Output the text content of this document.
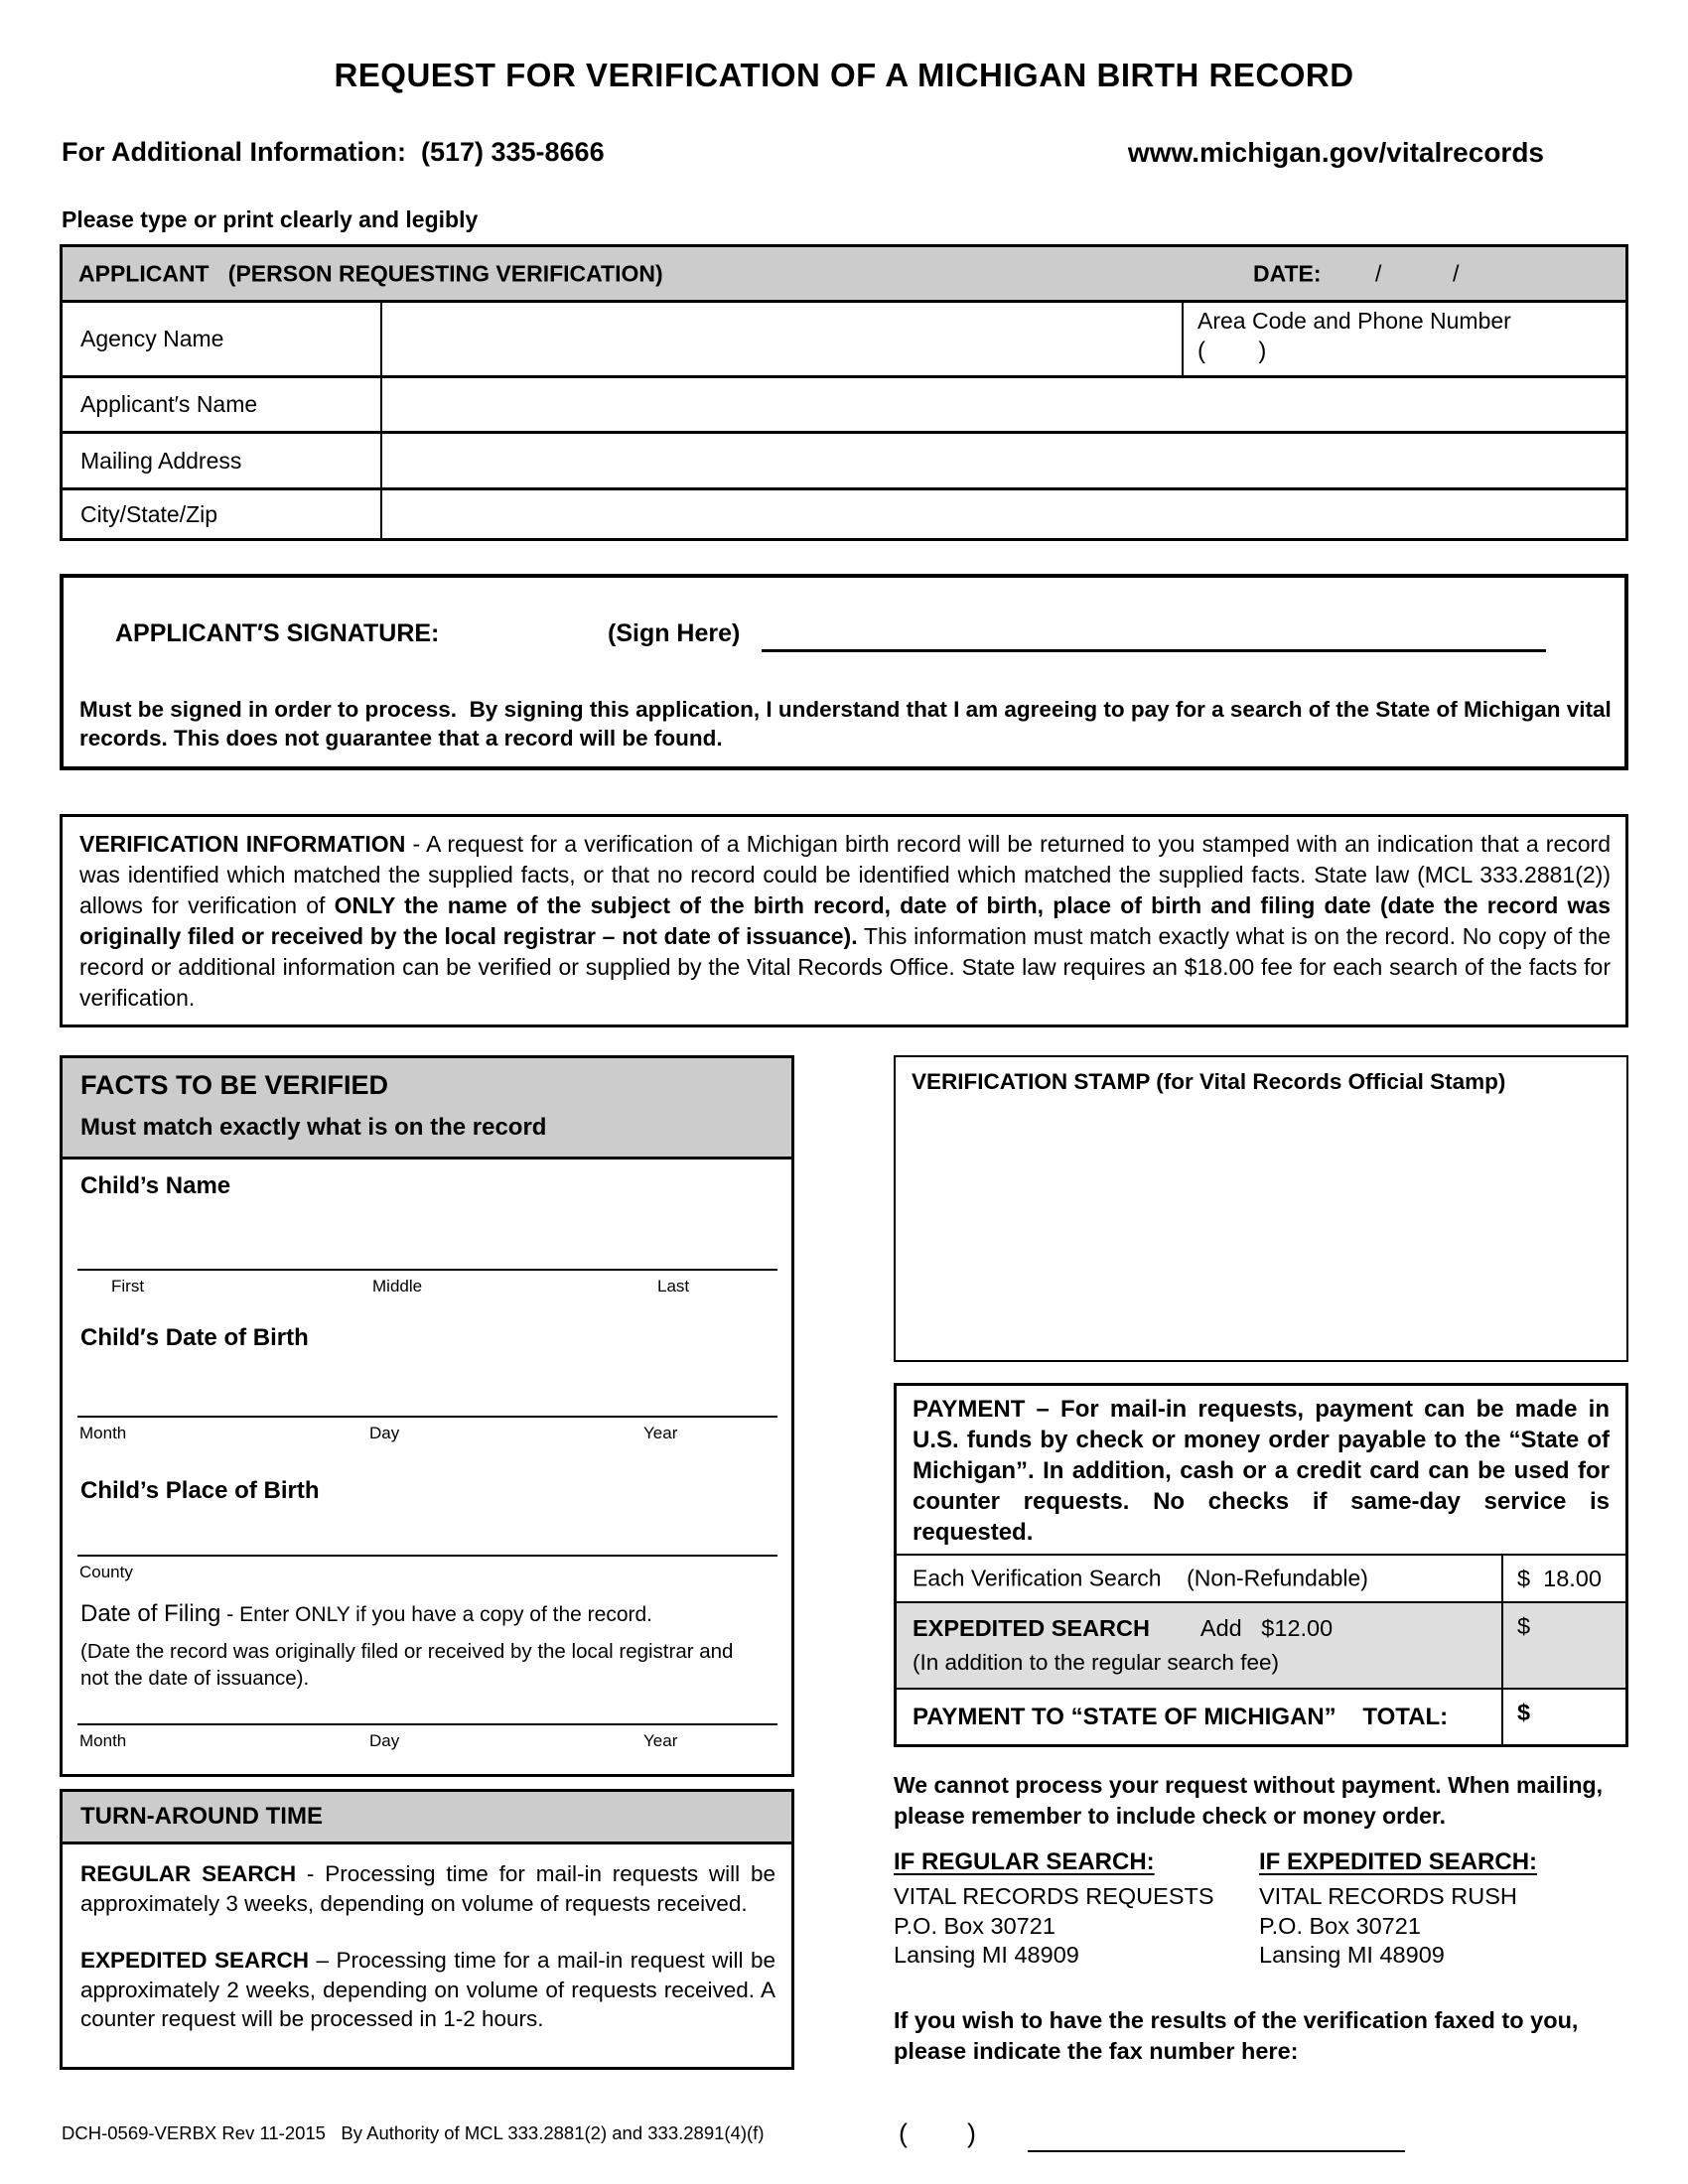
REQUEST FOR VERIFICATION OF A MICHIGAN BIRTH RECORD
For Additional Information:  (517) 335-8666	www.michigan.gov/vitalrecords
Please type or print clearly and legibly
APPLICANT   (PERSON REQUESTING VERIFICATION)	DATE: /	/
Agency Name
Area Code and Phone Number
(        )
Applicant′s Name
Mailing Address
City/State/Zip
APPLICANT′S SIGNATURE:	(Sign Here)
Must be signed in order to process.  By signing this application, I understand that I am agreeing to pay for a search of the State of Michigan vital records. This does not guarantee that a record will be found.

VERIFICATION INFORMATION - A request for a verification of a Michigan birth record will be returned to you stamped with an indication that a record was identified which matched the supplied facts, or that no record could be identified which matched the supplied facts. State law (MCL 333.2881(2)) allows for verification of ONLY the name of the subject of the birth record, date of birth, place of birth and filing date (date the record was originally filed or received by the local registrar – not date of issuance). This information must match exactly what is on the record. No copy of the record or additional information can be verified or supplied by the Vital Records Office. State law requires an $18.00 fee for each search of the facts for verification.

FACTS TO BE VERIFIED
Must match exactly what is on the record
Child’s Name
First	Middle	Last
Child′s Date of Birth
Month	Day	Year
Child’s Place of Birth
County
Date of Filing - Enter ONLY if you have a copy of the record.
(Date the record was originally filed or received by the local registrar and
not the date of issuance).
Month	Day	Year
TURN-AROUND TIME

REGULAR SEARCH - Processing time for mail-in requests will be approximately 3 weeks, depending on volume of requests received.

EXPEDITED SEARCH – Processing time for a mail-in request will be approximately 2 weeks, depending on volume of requests received. A counter request will be processed in 1-2 hours.

DCH-0569-VERBX Rev 11-2015   By Authority of MCL 333.2881(2) and 333.2891(4)(f)
VERIFICATION STAMP (for Vital Records Official Stamp)

PAYMENT – For mail-in requests, payment can be made in U.S. funds by check or money order payable to the “State of Michigan”. In addition, cash or a credit card can be used for counter requests. No checks if same-day service is requested.

Each Verification Search    (Non-Refundable)	$  18.00
EXPEDITED SEARCH        Add   $12.00
(In addition to the regular search fee)
$
PAYMENT TO “STATE OF MICHIGAN”    TOTAL:	$
We cannot process your request without payment. When mailing, please remember to include check or money order.
IF REGULAR SEARCH:
VITAL RECORDS REQUESTS
P.O. Box 30721
Lansing MI 48909
IF EXPEDITED SEARCH:
VITAL RECORDS RUSH
P.O. Box 30721
Lansing MI 48909
If you wish to have the results of the verification faxed to you,
please indicate the fax number here:
(        )
